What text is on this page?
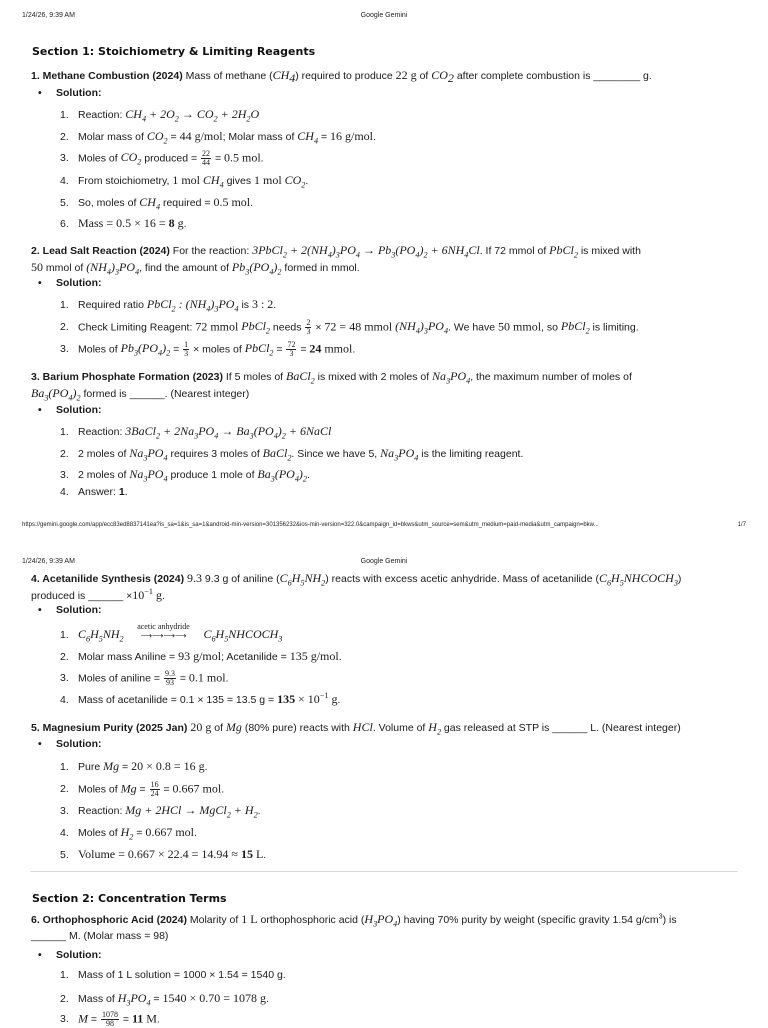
1/24/26, 9:39 AM	Google Gemini
Section 1: Stoichiometry & Limiting Reagents
1. Methane Combustion (2024) Mass of methane $(CH_4)$ required to produce 22 g of $CO_2$ after complete combustion is ________ g.
• Solution:
1. Reaction: $CH_4 + 2O_2 \to CO_2 + 2H_2O$
2. Molar mass of $CO_2 = 44$ g/mol; Molar mass of $CH_4 = 16$ g/mol.
3. Moles of $CO_2$ produced = $\frac{22}{44} = 0.5$ mol.
4. From stoichiometry, 1 mol $CH_4$ gives 1 mol $CO_2$.
5. So, moles of $CH_4$ required = 0.5 mol.
6. Mass = 0.5 × 16 = 8 g.
2. Lead Salt Reaction (2024) For the reaction: 3PbCl$_2$ + $2(NH_4)_3PO_4 \to Pb_3(PO_4)_2 + 6NH_4Cl$. If 72 mmol of PbCl$_2$ is mixed with
50 mmol of $(NH_4)_3PO_4$, find the amount of $Pb_3(PO_4)_2$ formed in mmol.
• Solution:
1. Required ratio PbCl$_2$ : $(NH_4)_3PO_4$ is 3 : 2.
2. Check Limiting Reagent: 72 mmol PbCl$_2$ needs $\frac{2}{3} \times 72 = 48$ mmol $(NH_4)_3PO_4$. We have 50 mmol, so PbCl$_2$ is limiting.
3. Moles of $Pb_3(PO_4)_2 = \frac{1}{3}$ × moles of PbCl$_2$ = $\frac{72}{3} = 24$ mmol.
3. Barium Phosphate Formation (2023) If 5 moles of BaCl$_2$ is mixed with 2 moles of $Na_3PO_4$, the maximum number of moles of
$Ba_3(PO_4)_2$ formed is ______. (Nearest integer)
• Solution:
1. Reaction: 3BaCl$_2$ + $2Na_3PO_4 \to Ba_3(PO_4)_2$ + 6NaCl
2. 2 moles of $Na_3PO_4$ requires 3 moles of BaCl$_2$. Since we have 5, $Na_3PO_4$ is the limiting reagent.
3. 2 moles of $Na_3PO_4$ produce 1 mole of $Ba_3(PO_4)_2$.
4. Answer: 1.
https://gemini.google.com/app/ecc83ed8837141ea?is_sa=1&is_sa=1&android-min-version=301356232&ios-min-version=322.0&campaign_id=bkws&utm_source=sem&utm_medium=paid-media&utm_campaign=bkw...	1/7
1/24/26, 9:39 AM	Google Gemini
4. Acetanilide Synthesis (2024) 9.3 9.3 g of aniline $(C_6H_5NH_2)$ reacts with excess acetic anhydride. Mass of acetanilide $(C_6H_5NHCOCH_3)$
produced is ______ $\times 10^{-1}$ g.
• Solution:
1. $C_6H_5NH_2$
acetic anhydride
⟶⟶⟶⟶ $C_6H_5NHCOCH_3$
2. Molar mass Aniline = 93 g/mol; Acetanilide = 135 g/mol.
3. Moles of aniline = $\frac{9.3}{93} = 0.1$ mol.
4. Mass of acetanilide = 0.1 × 135 = 13.5 $g = 135 \times 10^{-1}$ g.
5. Magnesium Purity (2025 Jan) 20 g of Mg (80% pure) reacts with HCl. Volume of $H_2$ gas released at STP is ______ L. (Nearest integer)
• Solution:
1. Pure Mg = 20 × 0.8 = 16 g.
2. Moles of $Mg = \frac{16}{24} = 0.667$ mol.
3. Reaction: Mg + 2HCl → MgCl$_2$ + $H_2$.
4. Moles of $H_2 = 0.667$ mol.
5. Volume = 0.667 × 22.4 = 14.94 ≈ 15 L.
Section 2: Concentration Terms
6. Orthophosphoric Acid (2024) Molarity of 1 L orthophosphoric acid $(H_3PO_4)$ having 70% purity by weight (specific gravity 1.54 $g/cm^3$) is
______ M. (Molar mass = 98)
• Solution:
1. Mass of 1 L solution = 1000 × 1.54 = 1540 g.
2. Mass of $H_3PO_4 = 1540 \times 0.70 = 1078$ g.
3. $M = \frac{1078}{98} = 11$ M.
